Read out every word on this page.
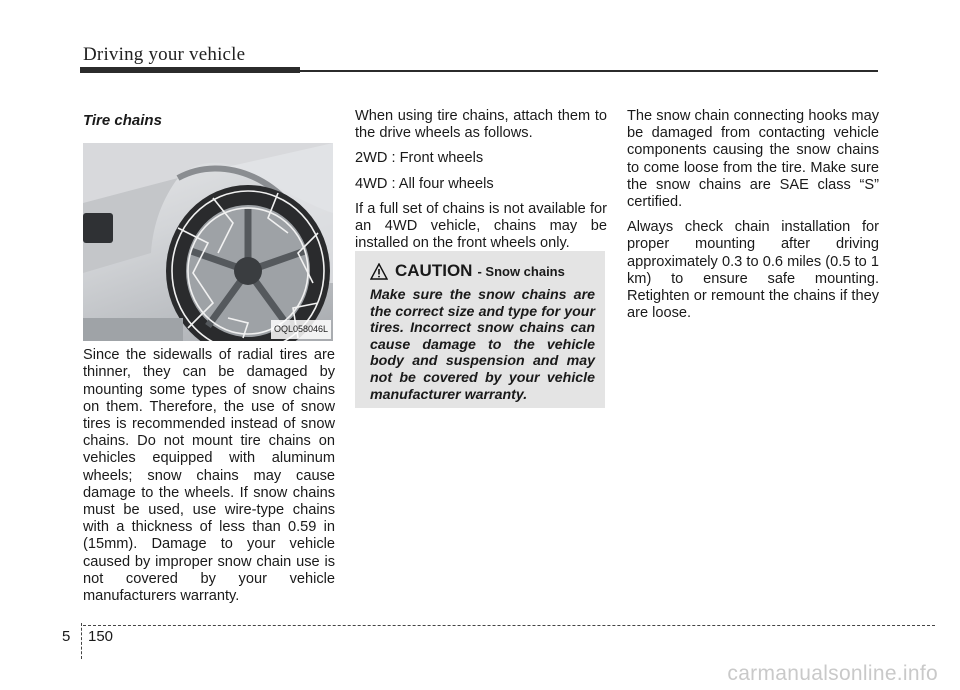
Driving your vehicle
Tire chains
OQL058046L

Since the sidewalls of radial tires are thinner, they can be damaged by mounting some types of snow chains on them. Therefore, the use of snow tires is recommended instead of snow chains. Do not mount tire chains on vehicles equipped with aluminum wheels; snow chains may cause damage to the wheels. If snow chains must be used, use wire-type chains with a thickness of less than 0.59 in (15mm). Damage to your vehicle caused by improper snow chain use is not covered by your vehicle manufacturers warranty.

When using tire chains, attach them to the drive wheels as follows.

2WD : Front wheels

4WD : All four wheels

If a full set of chains is not available for an 4WD vehicle, chains may be installed on the front wheels only.

CAUTION - Snow chains

Make sure the snow chains are the correct size and type for your tires. Incorrect snow chains can cause damage to the vehicle body and suspension and may not be covered by your vehicle manufacturer warranty.

The snow chain connecting hooks may be damaged from contacting vehicle components causing the snow chains to come loose from the tire. Make sure the snow chains are SAE class “S” certified.

Always check chain installation for proper mounting after driving approximately 0.3 to 0.6 miles (0.5 to 1 km) to ensure safe mounting. Retighten or remount the chains if they are loose.

5 150
carmanualsonline.info
